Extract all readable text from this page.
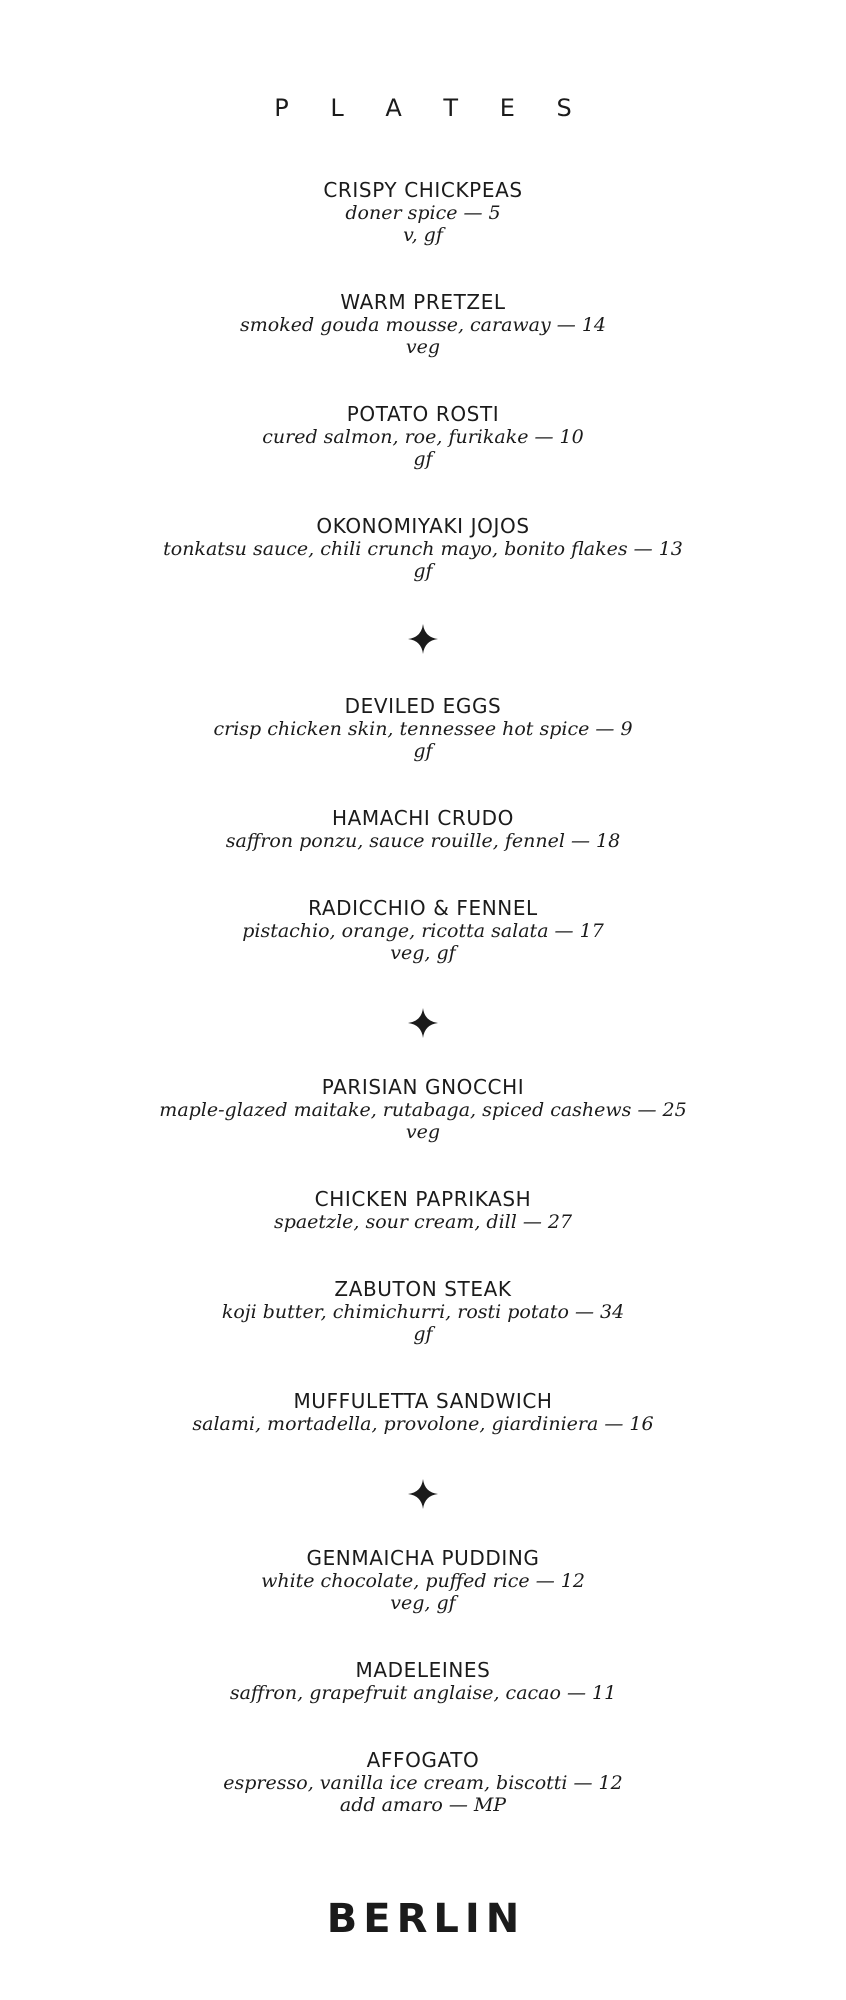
P L A T E S
CRISPY CHICKPEAS
doner spice — 5
v, gf
WARM PRETZEL
smoked gouda mousse, caraway — 14
veg
POTATO ROSTI
cured salmon, roe, furikake — 10
gf
OKONOMIYAKI JOJOS
tonkatsu sauce, chili crunch mayo, bonito flakes — 13
gf
DEVILED EGGS
crisp chicken skin, tennessee hot spice — 9
gf
HAMACHI CRUDO
saffron ponzu, sauce rouille, fennel — 18
RADICCHIO & FENNEL
pistachio, orange, ricotta salata — 17
veg, gf
PARISIAN GNOCCHI
maple-glazed maitake, rutabaga, spiced cashews — 25
veg
CHICKEN PAPRIKASH
spaetzle, sour cream, dill — 27
ZABUTON STEAK
koji butter, chimichurri, rosti potato — 34
gf
MUFFULETTA SANDWICH
salami, mortadella, provolone, giardiniera — 16
GENMAICHA PUDDING
white chocolate, puffed rice — 12
veg, gf
MADELEINES
saffron, grapefruit anglaise, cacao — 11
AFFOGATO
espresso, vanilla ice cream, biscotti — 12
add amaro — MP
BERLIN
